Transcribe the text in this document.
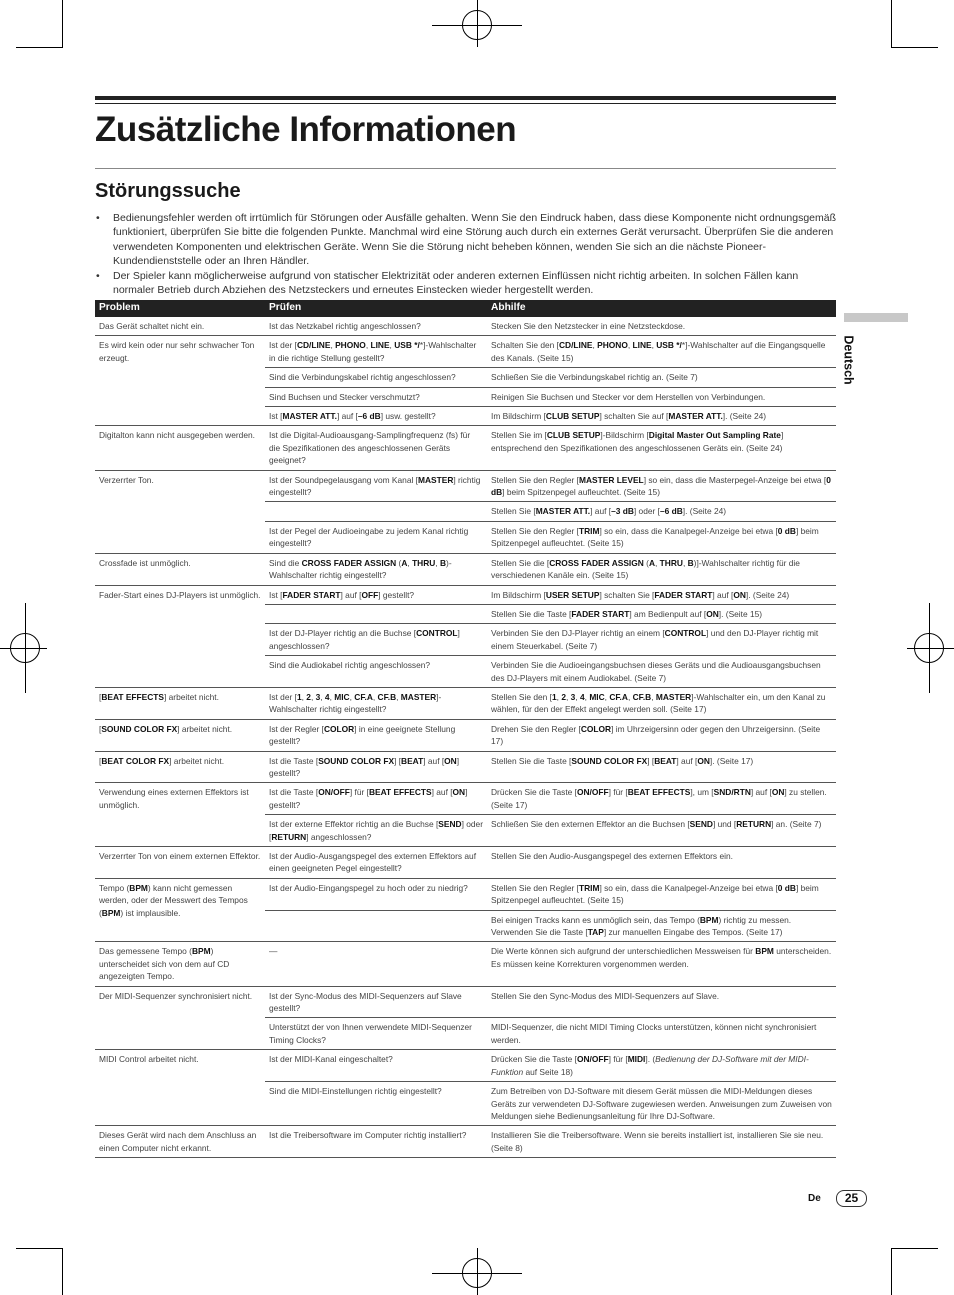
Zusätzliche Informationen
Störungssuche
• Bedienungsfehler werden oft irrtümlich für Störungen oder Ausfälle gehalten. Wenn Sie den Eindruck haben, dass diese Komponente nicht ordnungsgemäß funktioniert, überprüfen Sie bitte die folgenden Punkte. Manchmal wird eine Störung auch durch ein externes Gerät verursacht. Überprüfen Sie die anderen verwendeten Komponenten und elektrischen Geräte. Wenn Sie die Störung nicht beheben können, wenden Sie sich an die nächste Pioneer-Kundendienststelle oder an Ihren Händler.
• Der Spieler kann möglicherweise aufgrund von statischer Elektrizität oder anderen externen Einflüssen nicht richtig arbeiten. In solchen Fällen kann normaler Betrieb durch Abziehen des Netzsteckers und erneutes Einstecken wieder hergestellt werden.
Problem	Prüfen	Abhilfe
Das Gerät schaltet nicht ein.	Ist das Netzkabel richtig angeschlossen?	Stecken Sie den Netzstecker in eine Netzsteckdose.
Es wird kein oder nur sehr schwacher Ton erzeugt.	Ist der [CD/LINE, PHONO, LINE, USB */*]-Wahlschalter in die richtige Stellung gestellt?	Schalten Sie den [CD/LINE, PHONO, LINE, USB */*]-Wahlschalter auf die Eingangsquelle des Kanals. (Seite 15)
	Sind die Verbindungskabel richtig angeschlossen?	Schließen Sie die Verbindungskabel richtig an. (Seite 7)
	Sind Buchsen und Stecker verschmutzt?	Reinigen Sie Buchsen und Stecker vor dem Herstellen von Verbindungen.
	Ist [MASTER ATT.] auf [–6 dB] usw. gestellt?	Im Bildschirm [CLUB SETUP] schalten Sie auf [MASTER ATT.]. (Seite 24)
Digitalton kann nicht ausgegeben werden.	Ist die Digital-Audioausgang-Samplingfrequenz (fs) für die Spezifikationen des angeschlossenen Geräts geeignet?	Stellen Sie im [CLUB SETUP]-Bildschirm [Digital Master Out Sampling Rate] entsprechend den Spezifikationen des angeschlossenen Geräts ein. (Seite 24)
Verzerrter Ton.	Ist der Soundpegelausgang vom Kanal [MASTER] richtig eingestellt?	Stellen Sie den Regler [MASTER LEVEL] so ein, dass die Masterpegel-Anzeige bei etwa [0 dB] beim Spitzenpegel aufleuchtet. (Seite 15)
		Stellen Sie [MASTER ATT.] auf [–3 dB] oder [–6 dB]. (Seite 24)
	Ist der Pegel der Audioeingabe zu jedem Kanal richtig eingestellt?	Stellen Sie den Regler [TRIM] so ein, dass die Kanalpegel-Anzeige bei etwa [0 dB] beim Spitzenpegel aufleuchtet. (Seite 15)
Crossfade ist unmöglich.	Sind die CROSS FADER ASSIGN (A, THRU, B)-Wahlschalter richtig eingestellt?	Stellen Sie die [CROSS FADER ASSIGN (A, THRU, B)]-Wahlschalter richtig für die verschiedenen Kanäle ein. (Seite 15)
Fader-Start eines DJ-Players ist unmöglich.	Ist [FADER START] auf [OFF] gestellt?	Im Bildschirm [USER SETUP] schalten Sie [FADER START] auf [ON]. (Seite 24)
		Stellen Sie die Taste [FADER START] am Bedienpult auf [ON]. (Seite 15)
	Ist der DJ-Player richtig an die Buchse [CONTROL] angeschlossen?	Verbinden Sie den DJ-Player richtig an einem [CONTROL] und den DJ-Player richtig mit einem Steuerkabel. (Seite 7)
	Sind die Audiokabel richtig angeschlossen?	Verbinden Sie die Audioeingangsbuchsen dieses Geräts und die Audioausgangsbuchsen des DJ-Players mit einem Audiokabel. (Seite 7)
[BEAT EFFECTS] arbeitet nicht.	Ist der [1, 2, 3, 4, MIC, CF.A, CF.B, MASTER]-Wahlschalter richtig eingestellt?	Stellen Sie den [1, 2, 3, 4, MIC, CF.A, CF.B, MASTER]-Wahlschalter ein, um den Kanal zu wählen, für den der Effekt angelegt werden soll. (Seite 17)
[SOUND COLOR FX] arbeitet nicht.	Ist der Regler [COLOR] in eine geeignete Stellung gestellt?	Drehen Sie den Regler [COLOR] im Uhrzeigersinn oder gegen den Uhrzeigersinn. (Seite 17)
[BEAT COLOR FX] arbeitet nicht.	Ist die Taste [SOUND COLOR FX] [BEAT] auf [ON] gestellt?	Stellen Sie die Taste [SOUND COLOR FX] [BEAT] auf [ON]. (Seite 17)
Verwendung eines externen Effektors ist unmöglich.	Ist die Taste [ON/OFF] für [BEAT EFFECTS] auf [ON] gestellt?	Drücken Sie die Taste [ON/OFF] für [BEAT EFFECTS], um [SND/RTN] auf [ON] zu stellen. (Seite 17)
	Ist der externe Effektor richtig an die Buchse [SEND] oder [RETURN] angeschlossen?	Schließen Sie den externen Effektor an die Buchsen [SEND] und [RETURN] an. (Seite 7)
Verzerrter Ton von einem externen Effektor.	Ist der Audio-Ausgangspegel des externen Effektors auf einen geeigneten Pegel eingestellt?	Stellen Sie den Audio-Ausgangspegel des externen Effektors ein.
Tempo (BPM) kann nicht gemessen werden, oder der Messwert des Tempos (BPM) ist implausible.	Ist der Audio-Eingangspegel zu hoch oder zu niedrig?	Stellen Sie den Regler [TRIM] so ein, dass die Kanalpegel-Anzeige bei etwa [0 dB] beim Spitzenpegel aufleuchtet. (Seite 15)
		Bei einigen Tracks kann es unmöglich sein, das Tempo (BPM) richtig zu messen. Verwenden Sie die Taste [TAP] zur manuellen Eingabe des Tempos. (Seite 17)
Das gemessene Tempo (BPM) unterscheidet sich von dem auf CD angezeigten Tempo.	—	Die Werte können sich aufgrund der unterschiedlichen Messweisen für BPM unterscheiden. Es müssen keine Korrekturen vorgenommen werden.
Der MIDI-Sequenzer synchronisiert nicht.	Ist der Sync-Modus des MIDI-Sequenzers auf Slave gestellt?	Stellen Sie den Sync-Modus des MIDI-Sequenzers auf Slave.
	Unterstützt der von Ihnen verwendete MIDI-Sequenzer Timing Clocks?	MIDI-Sequenzer, die nicht MIDI Timing Clocks unterstützen, können nicht synchronisiert werden.
MIDI Control arbeitet nicht.	Ist der MIDI-Kanal eingeschaltet?	Drücken Sie die Taste [ON/OFF] für [MIDI]. (Bedienung der DJ-Software mit der MIDI-Funktion auf Seite 18)
	Sind die MIDI-Einstellungen richtig eingestellt?	Zum Betreiben von DJ-Software mit diesem Gerät müssen die MIDI-Meldungen dieses Geräts zur verwendeten DJ-Software zugewiesen werden. Anweisungen zum Zuweisen von Meldungen siehe Bedienungsanleitung für Ihre DJ-Software.
Dieses Gerät wird nach dem Anschluss an einen Computer nicht erkannt.	Ist die Treibersoftware im Computer richtig installiert?	Installieren Sie die Treibersoftware. Wenn sie bereits installiert ist, installieren Sie sie neu. (Seite 8)
Deutsch
De	25
